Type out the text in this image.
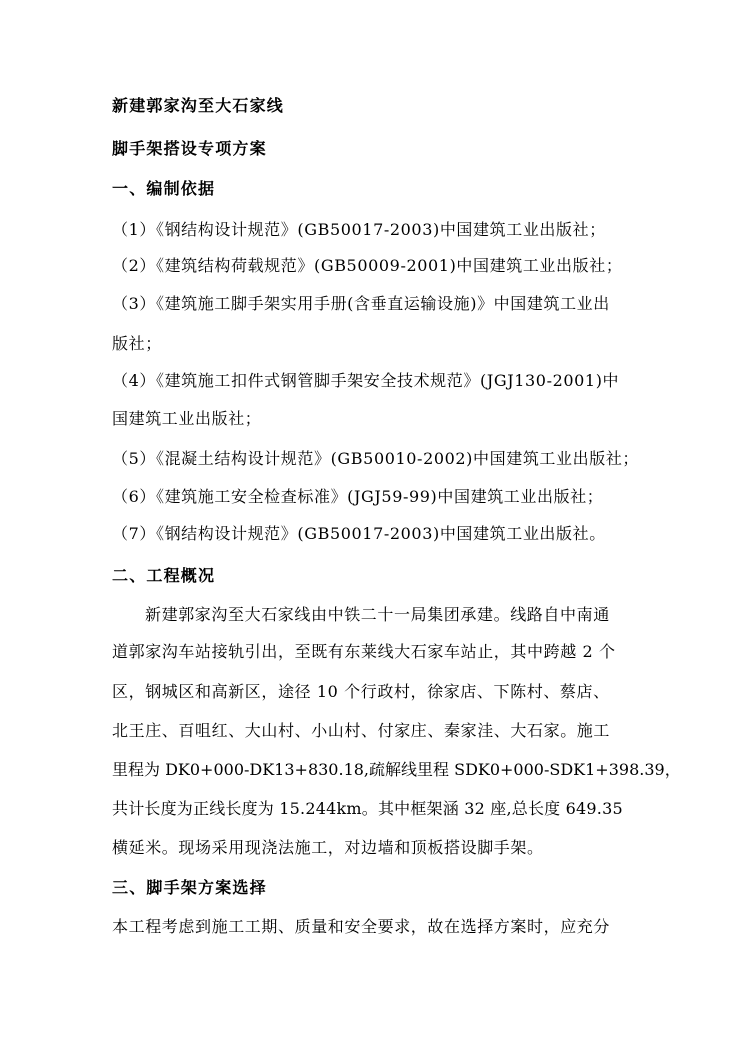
新建郭家沟至大石家线
脚手架搭设专项方案
一、编制依据
（1）《钢结构设计规范》(GB50017-2003)中国建筑工业出版社；
（2）《建筑结构荷载规范》(GB50009-2001)中国建筑工业出版社；
（3）《建筑施工脚手架实用手册(含垂直运输设施)》中国建筑工业出
版社；
（4）《建筑施工扣件式钢管脚手架安全技术规范》(JGJ130-2001)中
国建筑工业出版社；
（5）《混凝土结构设计规范》(GB50010-2002)中国建筑工业出版社；
（6）《建筑施工安全检查标准》(JGJ59-99)中国建筑工业出版社；
（7）《钢结构设计规范》(GB50017-2003)中国建筑工业出版社。
二、工程概况
新建郭家沟至大石家线由中铁二十一局集团承建。线路自中南通
道郭家沟车站接轨引出，至既有东莱线大石家车站止，其中跨越 2 个
区，钢城区和高新区，途径 10 个行政村，徐家店、下陈村、蔡店、
北王庄、百咀红、大山村、小山村、付家庄、秦家洼、大石家。施工
里程为 DK0+000-DK13+830.18,疏解线里程 SDK0+000-SDK1+398.39，
共计长度为正线长度为 15.244km。其中框架涵 32 座,总长度 649.35
横延米。现场采用现浇法施工，对边墙和顶板搭设脚手架。
三、脚手架方案选择
本工程考虑到施工工期、质量和安全要求，故在选择方案时，应充分
